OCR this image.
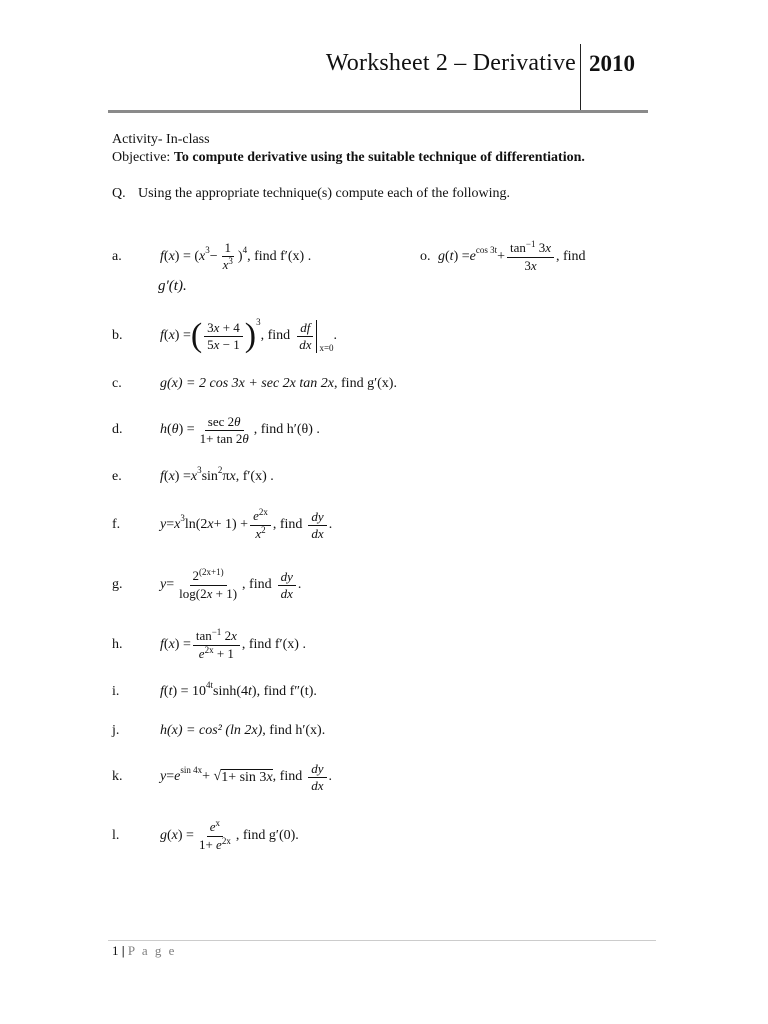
Worksheet 2 – Derivative 2010
Activity- In-class
Objective: To compute derivative using the suitable technique of differentiation.
Q. Using the appropriate technique(s) compute each of the following.
a.	f ( x ) = ( x $3 - \frac{1}{x^3}$ ) 4 , find f′(x) .	o. g ( t ) = e $\cos 3t + \frac{\tan^{-1} 3x}{3x}$ , find
g′(t).
b.	f ( x ) = ( $\frac{3x + 4}{5x - 1}$ ) 3
, find $\frac{df}{dx} x=0$
.
c.	g(x) = 2 cos 3x + sec 2x tan 2x , find g′(x).
d.	h ( θ ) = $\frac{\sec 2\theta}{1+ \tan 2\theta}$ , find h′(θ) .
e.	f ( x ) = x 3 sin 2 π x , f′(x) .
f.	y = x 3 ln(2 $x + 1) + \frac{e^{2x}}{x^2}$ , find $\frac{dy}{dx}$ .
g.	$y = \frac{2^{(2x+1)}}{\log(2x + 1)}$ , find $\frac{dy}{dx}$ .
h.	f ( x ) = $\frac{\tan^{-1} 2x}{e^{2x} + 1}$ , find f′(x) .
i.	f ( t ) = 10 4t sinh(4 t ) , find f″(t).
j.	h(x) = cos² (ln 2x) , find h′(x).
k.	y = e sin 4x + √ 1+ sin 3x , find $\frac{dy}{dx}$ .
l.	g ( x ) = $\frac{e^x}{1+ e^{2x}}$ , find g′(0).
1 | P a g e
